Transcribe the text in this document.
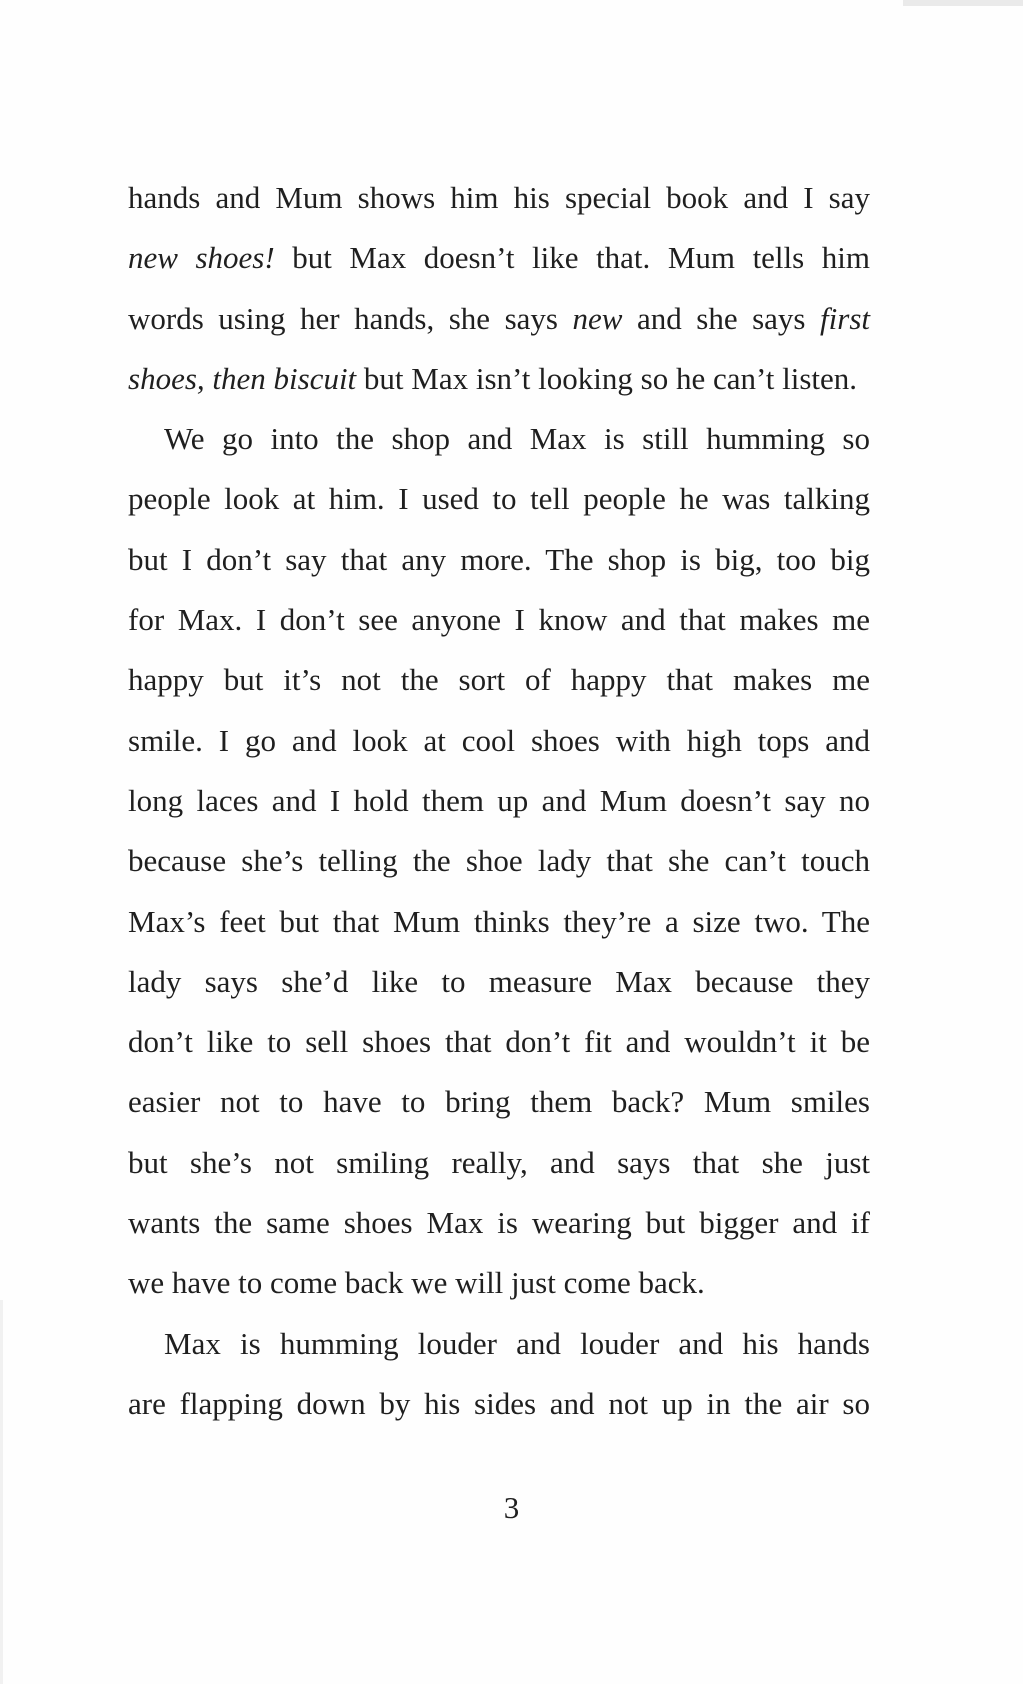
hands and Mum shows him his special book and I say
new shoes! but Max doesn’t like that. Mum tells him
words using her hands, she says new and she says first
shoes, then biscuit but Max isn’t looking so he can’t listen.

We go into the shop and Max is still humming so
people look at him. I used to tell people he was talking
but I don’t say that any more. The shop is big, too big
for Max. I don’t see anyone I know and that makes me
happy but it’s not the sort of happy that makes me
smile. I go and look at cool shoes with high tops and
long laces and I hold them up and Mum doesn’t say no
because she’s telling the shoe lady that she can’t touch
Max’s feet but that Mum thinks they’re a size two. The
lady says she’d like to measure Max because they
don’t like to sell shoes that don’t fit and wouldn’t it be
easier not to have to bring them back? Mum smiles
but she’s not smiling really, and says that she just
wants the same shoes Max is wearing but bigger and if
we have to come back we will just come back.

Max is humming louder and louder and his hands
are flapping down by his sides and not up in the air so

3
